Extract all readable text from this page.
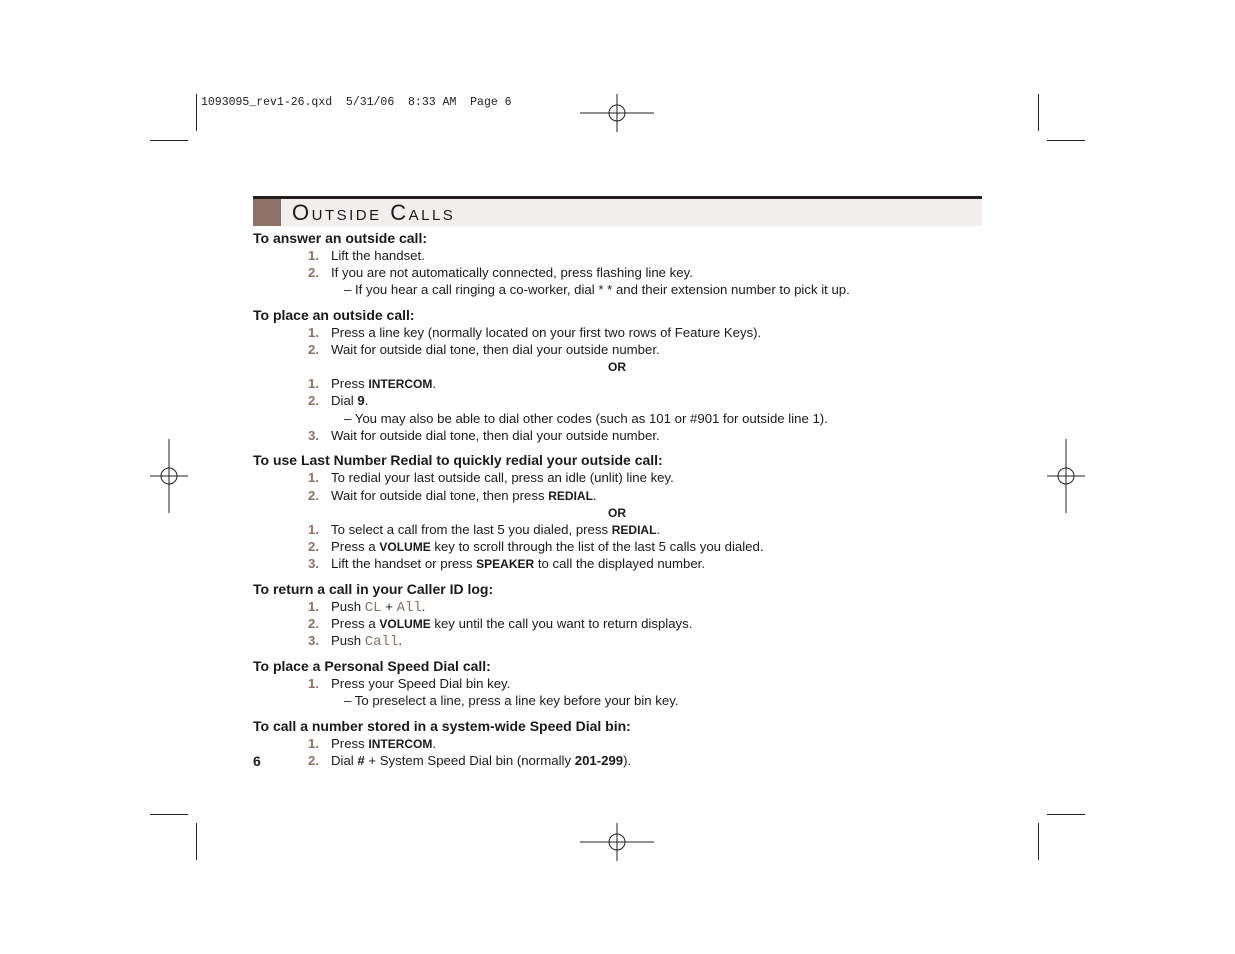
1093095_rev1-26.qxd  5/31/06  8:33 AM  Page 6
Outside Calls
To answer an outside call:
1. Lift the handset.
2. If you are not automatically connected, press flashing line key.
– If you hear a call ringing a co-worker, dial * * and their extension number to pick it up.
To place an outside call:
1. Press a line key (normally located on your first two rows of Feature Keys).
2. Wait for outside dial tone, then dial your outside number.
OR
1. Press INTERCOM.
2. Dial 9.
– You may also be able to dial other codes (such as 101 or #901 for outside line 1).
3. Wait for outside dial tone, then dial your outside number.
To use Last Number Redial to quickly redial your outside call:
1. To redial your last outside call, press an idle (unlit) line key.
2. Wait for outside dial tone, then press REDIAL.
OR
1. To select a call from the last 5 you dialed, press REDIAL.
2. Press a VOLUME key to scroll through the list of the last 5 calls you dialed.
3. Lift the handset or press SPEAKER to call the displayed number.
To return a call in your Caller ID log:
1. Push CL + All.
2. Press a VOLUME key until the call you want to return displays.
3. Push Call.
To place a Personal Speed Dial call:
1. Press your Speed Dial bin key.
– To preselect a line, press a line key before your bin key.
To call a number stored in a system-wide Speed Dial bin:
1. Press INTERCOM.
2. Dial # + System Speed Dial bin (normally 201-299).
6
